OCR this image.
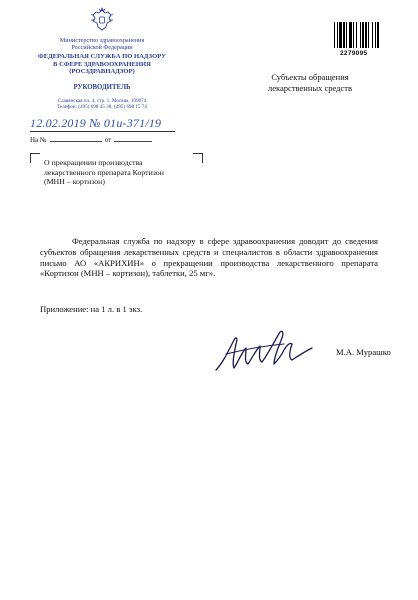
Министерство здравоохранения
Российской Федерации
ФЕДЕРАЛЬНАЯ СЛУЖБА ПО НАДЗОРУ
В СФЕРЕ ЗДРАВООХРАНЕНИЯ
(РОСЗДРАВНАДЗОР)
РУКОВОДИТЕЛЬ
Славянская пл. 4, стр. 1, Москва, 109074
Телефон: (495) 698 45 38; (495) 698 15 74
12.02.2019 № 01и-371/19
На №	от
О прекращении производства
лекарственного препарата Кортизон
(МНН – кортизон)
2279095
Субъекты обращения
лекарственных средств
Федеральная служба по надзору в сфере здравоохранения доводит до сведения субъектов обращения лекарственных средств и специалистов в области здравоохранения письмо АО «АКРИХИН» о прекращении производства лекарственного препарата «Кортизон (МНН – кортизон), таблетки, 25 мг».
Приложение: на 1 л. в 1 экз.
М.А. Мурашко
